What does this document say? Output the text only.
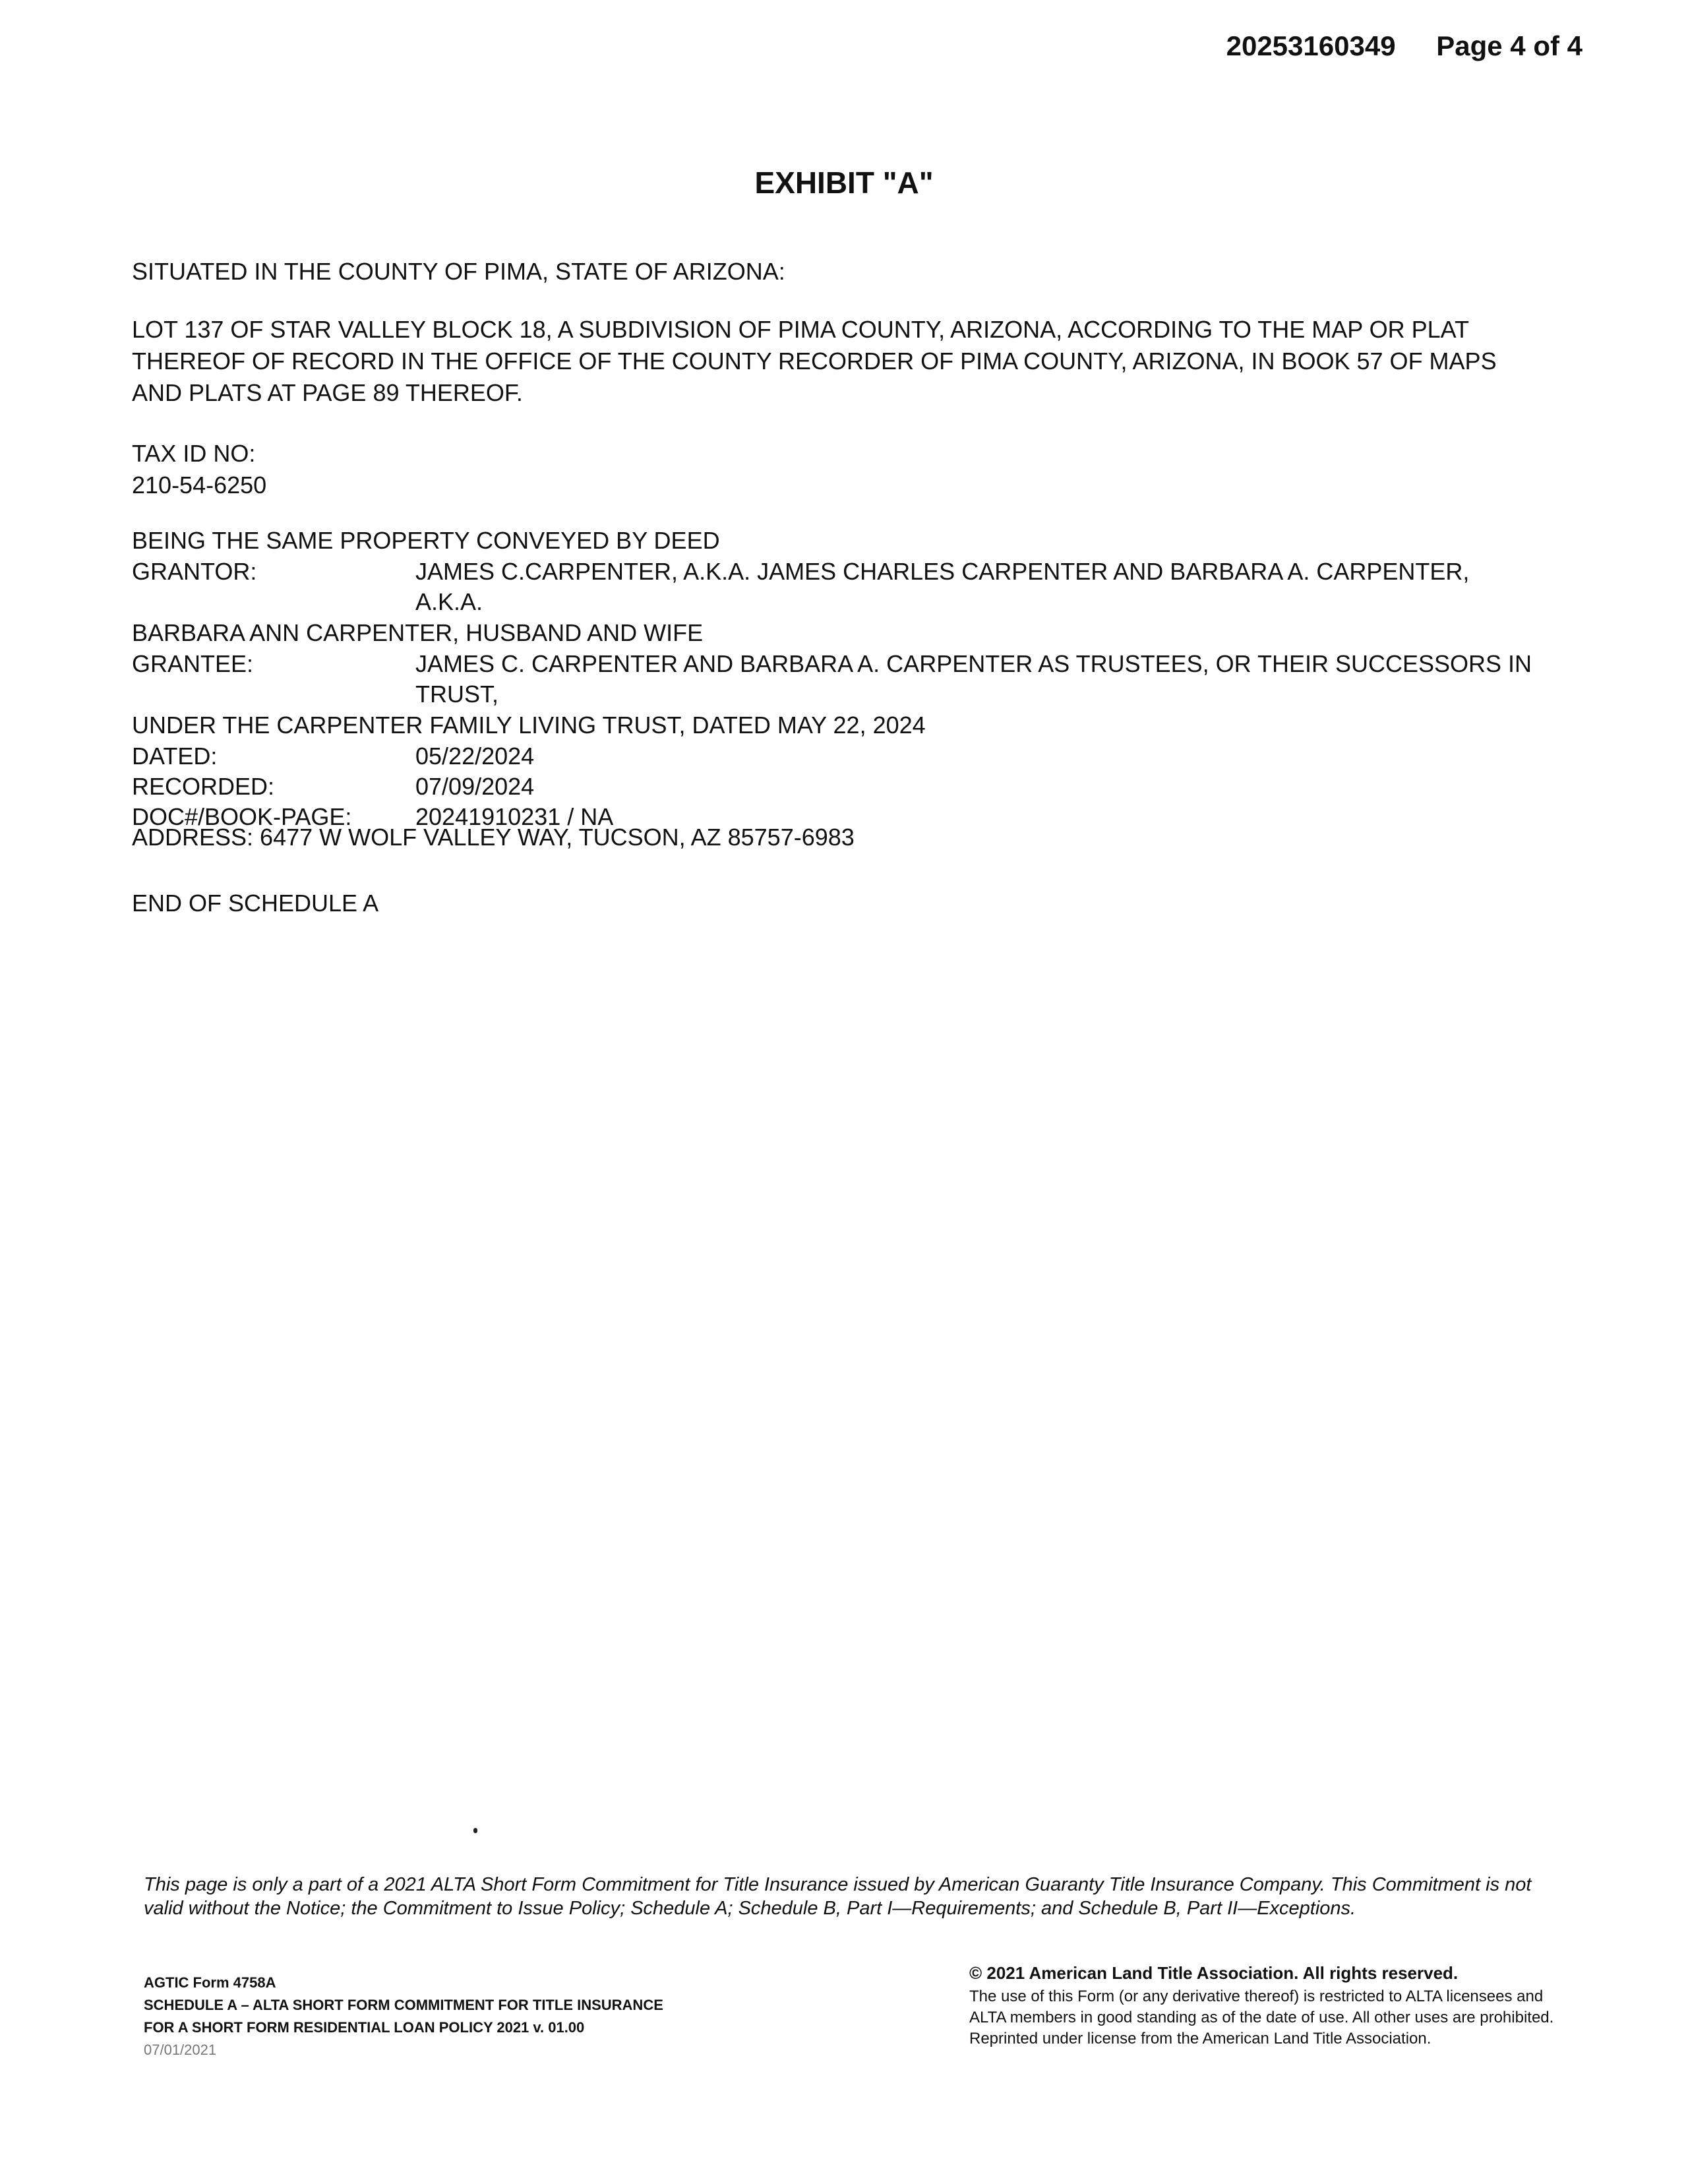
20253160349 Page 4 of 4
EXHIBIT "A"
SITUATED IN THE COUNTY OF PIMA, STATE OF ARIZONA:
LOT 137 OF STAR VALLEY BLOCK 18, A SUBDIVISION OF PIMA COUNTY, ARIZONA, ACCORDING TO THE MAP OR PLAT THEREOF OF RECORD IN THE OFFICE OF THE COUNTY RECORDER OF PIMA COUNTY, ARIZONA, IN BOOK 57 OF MAPS AND PLATS AT PAGE 89 THEREOF.

TAX ID NO:

210-54-6250

BEING THE SAME PROPERTY CONVEYED BY DEED

GRANTOR:	JAMES C.CARPENTER, A.K.A. JAMES CHARLES CARPENTER AND BARBARA A. CARPENTER, A.K.A.

BARBARA ANN CARPENTER, HUSBAND AND WIFE

GRANTEE:	JAMES C. CARPENTER AND BARBARA A. CARPENTER AS TRUSTEES, OR THEIR SUCCESSORS IN TRUST,

UNDER THE CARPENTER FAMILY LIVING TRUST, DATED MAY 22, 2024

DATED:	05/22/2024
RECORDED:	07/09/2024
DOC#/BOOK-PAGE:	20241910231 / NA
ADDRESS: 6477 W WOLF VALLEY WAY, TUCSON, AZ 85757-6983
END OF SCHEDULE A
This page is only a part of a 2021 ALTA Short Form Commitment for Title Insurance issued by American Guaranty Title Insurance Company. This Commitment is not valid without the Notice; the Commitment to Issue Policy; Schedule A; Schedule B, Part I—Requirements; and Schedule B, Part II—Exceptions.
AGTIC Form 4758A
SCHEDULE A – ALTA SHORT FORM COMMITMENT FOR TITLE INSURANCE
FOR A SHORT FORM RESIDENTIAL LOAN POLICY 2021 v. 01.00
07/01/2021
© 2021 American Land Title Association. All rights reserved.
The use of this Form (or any derivative thereof) is restricted to ALTA licensees and ALTA members in good standing as of the date of use. All other uses are prohibited. Reprinted under license from the American Land Title Association.
